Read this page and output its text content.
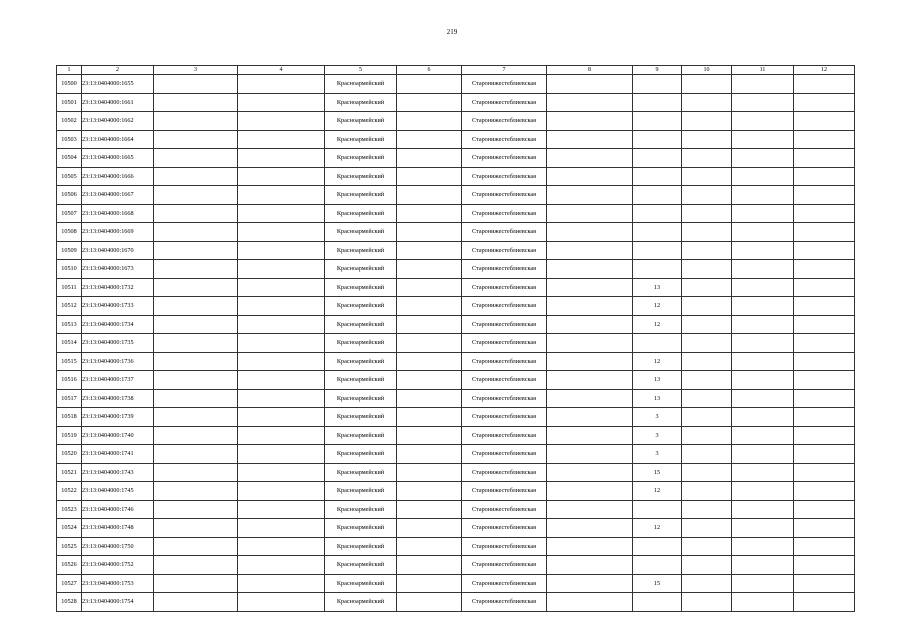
219
1	2	3	4	5	6	7	8	9	10	11	12
10500	23:13:0404000:1655			Красноармейский		Старонижестеблиевская					
10501	23:13:0404000:1661			Красноармейский		Старонижестеблиевская					
10502	23:13:0404000:1662			Красноармейский		Старонижестеблиевская					
10503	23:13:0404000:1664			Красноармейский		Старонижестеблиевская					
10504	23:13:0404000:1665			Красноармейский		Старонижестеблиевская					
10505	23:13:0404000:1666			Красноармейский		Старонижестеблиевская					
10506	23:13:0404000:1667			Красноармейский		Старонижестеблиевская					
10507	23:13:0404000:1668			Красноармейский		Старонижестеблиевская					
10508	23:13:0404000:1669			Красноармейский		Старонижестеблиевская					
10509	23:13:0404000:1670			Красноармейский		Старонижестеблиевская					
10510	23:13:0404000:1673			Красноармейский		Старонижестеблиевская					
10511	23:13:0404000:1732			Красноармейский		Старонижестеблиевская		13			
10512	23:13:0404000:1733			Красноармейский		Старонижестеблиевская		12			
10513	23:13:0404000:1734			Красноармейский		Старонижестеблиевская		12			
10514	23:13:0404000:1735			Красноармейский		Старонижестеблиевская					
10515	23:13:0404000:1736			Красноармейский		Старонижестеблиевская		12			
10516	23:13:0404000:1737			Красноармейский		Старонижестеблиевская		13			
10517	23:13:0404000:1738			Красноармейский		Старонижестеблиевская		13			
10518	23:13:0404000:1739			Красноармейский		Старонижестеблиевская		3			
10519	23:13:0404000:1740			Красноармейский		Старонижестеблиевская		3			
10520	23:13:0404000:1741			Красноармейский		Старонижестеблиевская		3			
10521	23:13:0404000:1743			Красноармейский		Старонижестеблиевская		15			
10522	23:13:0404000:1745			Красноармейский		Старонижестеблиевская		12			
10523	23:13:0404000:1746			Красноармейский		Старонижестеблиевская					
10524	23:13:0404000:1748			Красноармейский		Старонижестеблиевская		12			
10525	23:13:0404000:1750			Красноармейский		Старонижестеблиевская					
10526	23:13:0404000:1752			Красноармейский		Старонижестеблиевская					
10527	23:13:0404000:1753			Красноармейский		Старонижестеблиевская		15			
10528	23:13:0404000:1754			Красноармейский		Старонижестеблиевская					
